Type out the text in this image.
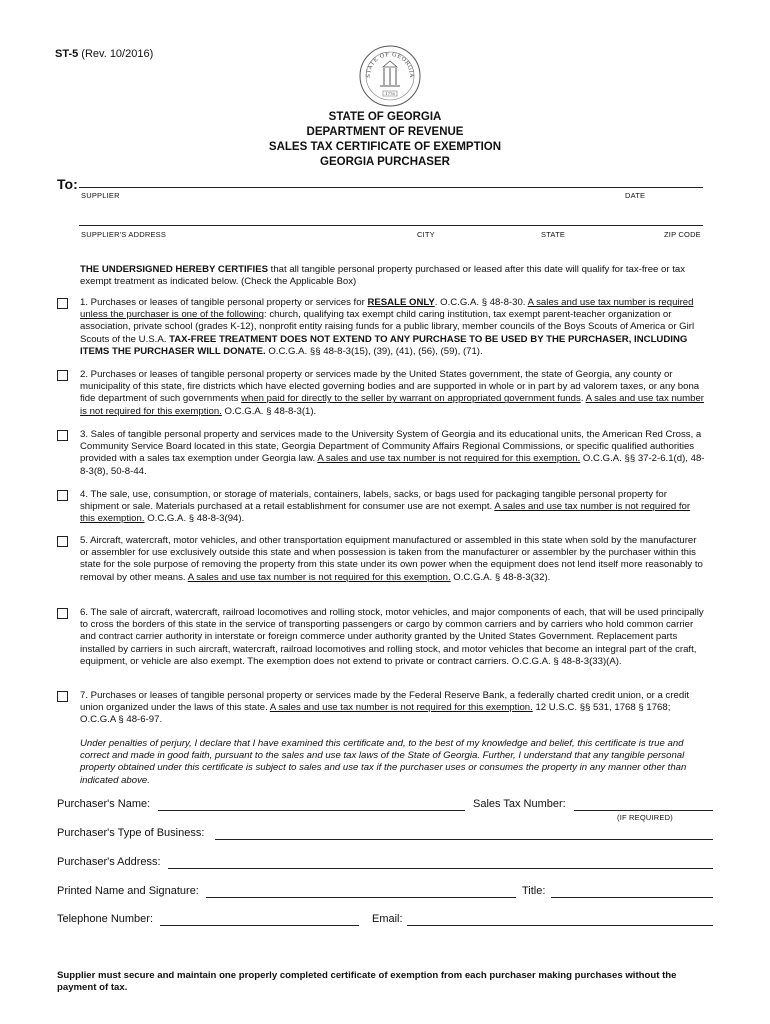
ST-5 (Rev. 10/2016)
STATE OF GEORGIA
1776
STATE OF GEORGIA
DEPARTMENT OF REVENUE
SALES TAX CERTIFICATE OF EXEMPTION
GEORGIA PURCHASER
To:
SUPPLIER	DATE
SUPPLIER'S ADDRESS	CITY	STATE	ZIP CODE
THE UNDERSIGNED HEREBY CERTIFIES that all tangible personal property purchased or leased after this date will qualify for tax-free or tax exempt treatment as indicated below. (Check the Applicable Box)
1. Purchases or leases of tangible personal property or services for RESALE ONLY. O.C.G.A. § 48-8-30. A sales and use tax number is required unless the purchaser is one of the following: church, qualifying tax exempt child caring institution, tax exempt parent-teacher organization or association, private school (grades K-12), nonprofit entity raising funds for a public library, member councils of the Boys Scouts of America or Girl Scouts of the U.S.A. TAX-FREE TREATMENT DOES NOT EXTEND TO ANY PURCHASE TO BE USED BY THE PURCHASER, INCLUDING ITEMS THE PURCHASER WILL DONATE. O.C.G.A. §§ 48-8-3(15), (39), (41), (56), (59), (71).
2. Purchases or leases of tangible personal property or services made by the United States government, the state of Georgia, any county or municipality of this state, fire districts which have elected governing bodies and are supported in whole or in part by ad valorem taxes, or any bona fide department of such governments when paid for directly to the seller by warrant on appropriated government funds. A sales and use tax number is not required for this exemption. O.C.G.A. § 48-8-3(1).
3. Sales of tangible personal property and services made to the University System of Georgia and its educational units, the American Red Cross, a Community Service Board located in this state, Georgia Department of Community Affairs Regional Commissions, or specific qualified authorities provided with a sales tax exemption under Georgia law. A sales and use tax number is not required for this exemption. O.C.G.A. §§ 37-2-6.1(d), 48-8-3(8), 50-8-44.
4. The sale, use, consumption, or storage of materials, containers, labels, sacks, or bags used for packaging tangible personal property for shipment or sale. Materials purchased at a retail establishment for consumer use are not exempt. A sales and use tax number is not required for this exemption. O.C.G.A. § 48-8-3(94).
5. Aircraft, watercraft, motor vehicles, and other transportation equipment manufactured or assembled in this state when sold by the manufacturer or assembler for use exclusively outside this state and when possession is taken from the manufacturer or assembler by the purchaser within this state for the sole purpose of removing the property from this state under its own power when the equipment does not lend itself more reasonably to removal by other means. A sales and use tax number is not required for this exemption. O.C.G.A. § 48-8-3(32).
6. The sale of aircraft, watercraft, railroad locomotives and rolling stock, motor vehicles, and major components of each, that will be used principally to cross the borders of this state in the service of transporting passengers or cargo by common carriers and by carriers who hold common carrier and contract carrier authority in interstate or foreign commerce under authority granted by the United States Government. Replacement parts installed by carriers in such aircraft, watercraft, railroad locomotives and rolling stock, and motor vehicles that become an integral part of the craft, equipment, or vehicle are also exempt. The exemption does not extend to private or contract carriers. O.C.G.A. § 48-8-3(33)(A).
7. Purchases or leases of tangible personal property or services made by the Federal Reserve Bank, a federally charted credit union, or a credit union organized under the laws of this state. A sales and use tax number is not required for this exemption. 12 U.S.C. §§ 531, 1768 § 1768; O.C.G.A § 48-6-97.
Under penalties of perjury, I declare that I have examined this certificate and, to the best of my knowledge and belief, this certificate is true and correct and made in good faith, pursuant to the sales and use tax laws of the State of Georgia. Further, I understand that any tangible personal property obtained under this certificate is subject to sales and use tax if the purchaser uses or consumes the property in any manner other than indicated above.
Purchaser's Name:	Sales Tax Number:
(IF REQUIRED)
Purchaser's Type of Business:
Purchaser's Address:
Printed Name and Signature:	Title:
Telephone Number:	Email:
Supplier must secure and maintain one properly completed certificate of exemption from each purchaser making purchases without the payment of tax.
